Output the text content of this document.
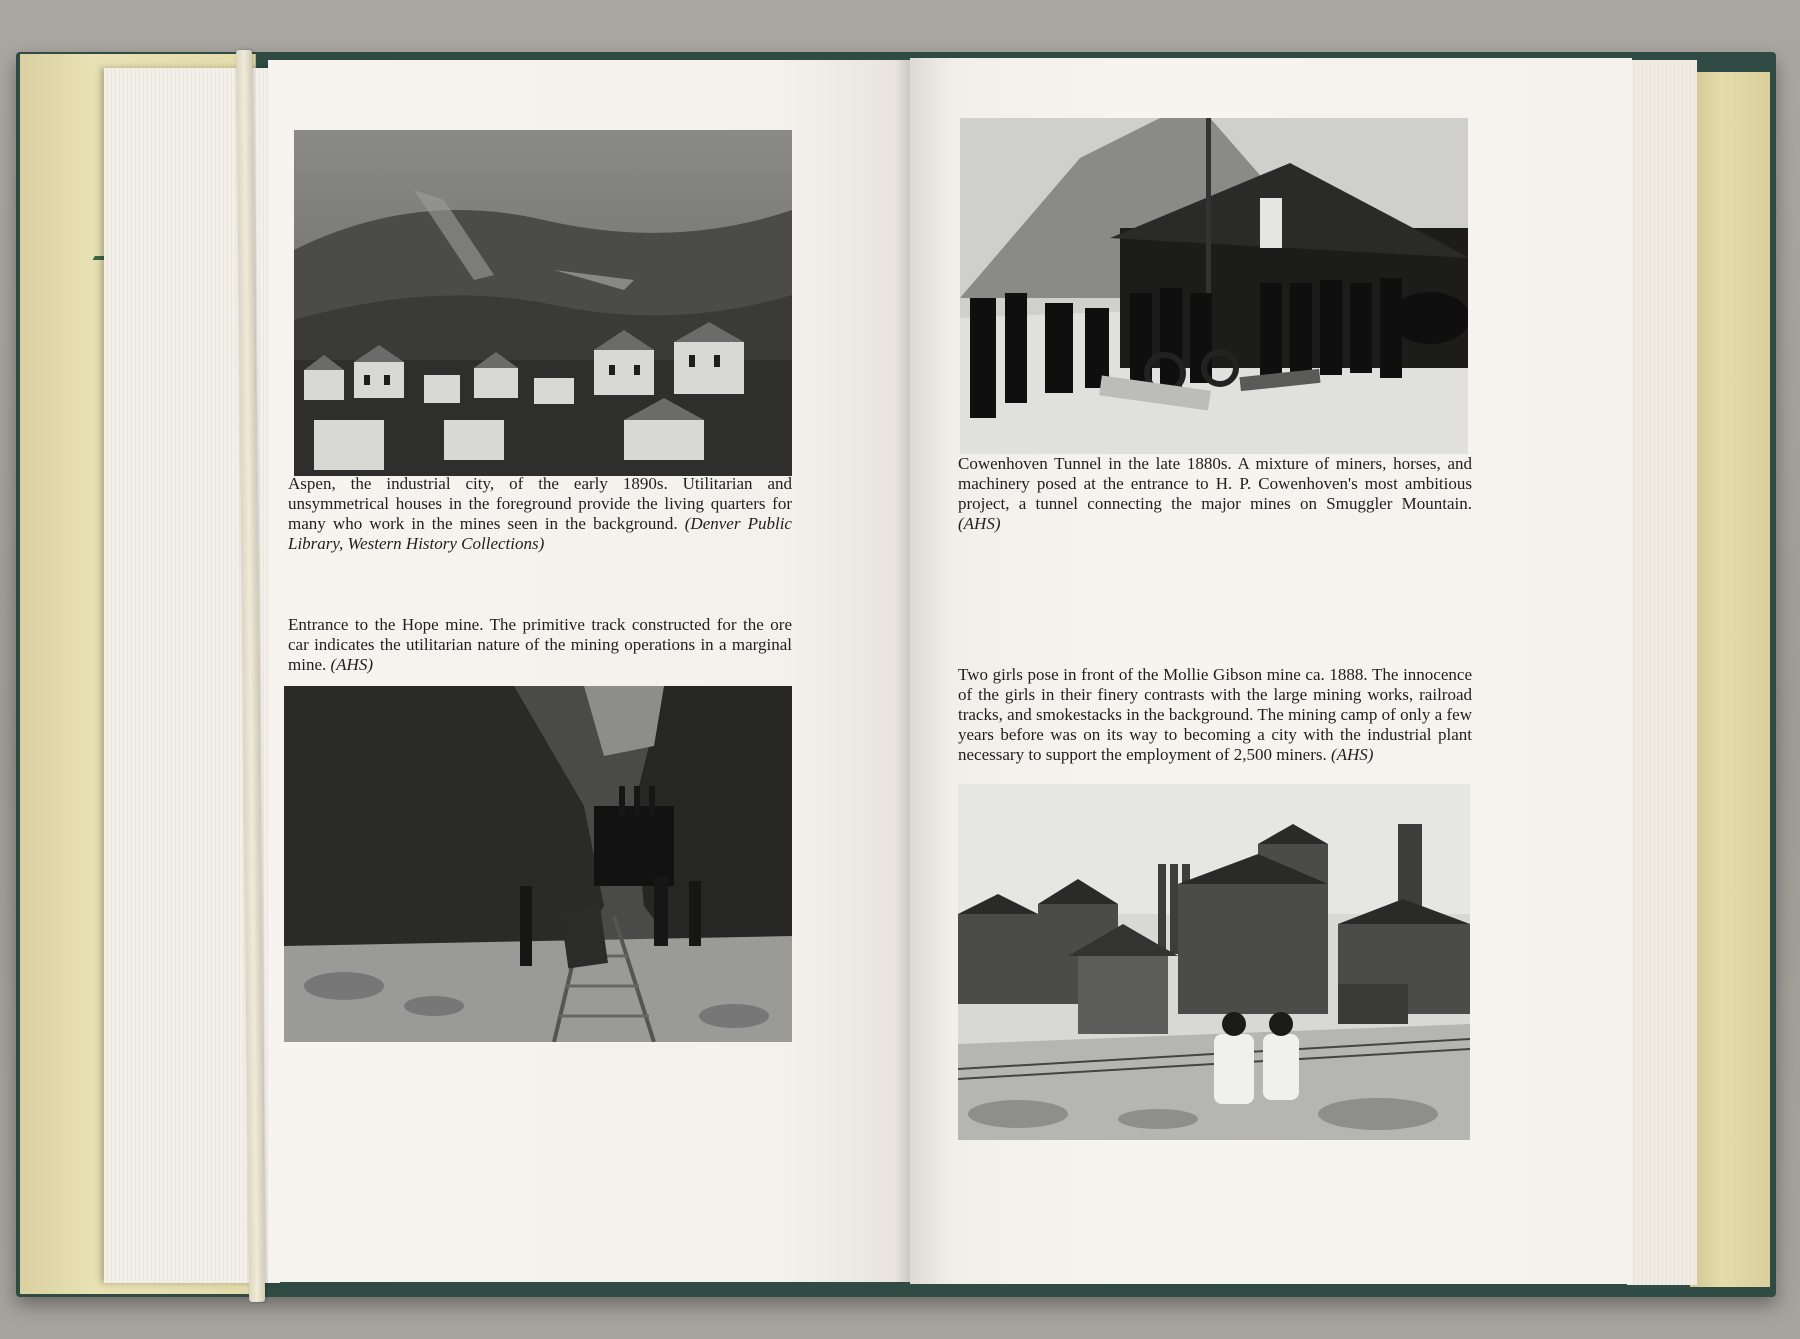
Aspen, the industrial city, of the early 1890s. Utilitarian and unsymmetrical houses in the foreground provide the living quarters for many who work in the mines seen in the background. (Denver Public Library, Western History Collections)
Entrance to the Hope mine. The primitive track constructed for the ore car indicates the utilitarian nature of the mining operations in a marginal mine. (AHS)
Cowenhoven Tunnel in the late 1880s. A mixture of miners, horses, and machinery posed at the entrance to H. P. Cowenhoven's most ambitious project, a tunnel connecting the major mines on Smuggler Mountain. (AHS)
Two girls pose in front of the Mollie Gibson mine ca. 1888. The innocence of the girls in their finery contrasts with the large mining works, railroad tracks, and smokestacks in the background. The mining camp of only a few years before was on its way to becoming a city with the industrial plant necessary to support the employment of 2,500 miners. (AHS)
